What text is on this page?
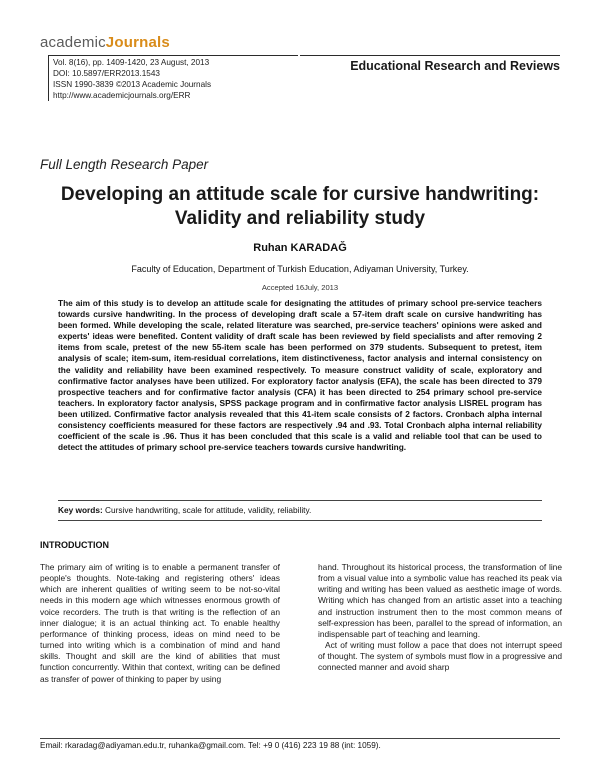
academicJournals
Vol. 8(16), pp. 1409-1420, 23 August, 2013
DOI: 10.5897/ERR2013.1543
ISSN 1990-3839 ©2013 Academic Journals
http://www.academicjournals.org/ERR
Educational Research and Reviews
Full Length Research Paper
Developing an attitude scale for cursive handwriting:
Validity and reliability study
Ruhan KARADAĞ
Faculty of Education, Department of Turkish Education, Adiyaman University, Turkey.
Accepted 16July, 2013
The aim of this study is to develop an attitude scale for designating the attitudes of primary school pre-service teachers towards cursive handwriting. In the process of developing draft scale a 57-item draft scale on cursive handwriting has been formed. While developing the scale, related literature was searched, pre-service teachers' opinions were asked and experts' ideas were benefited. Content validity of draft scale has been reviewed by field specialists and after removing 2 items from scale, pretest of the new 55-item scale has been performed on 379 students. Subsequent to pretest, item analysis of scale; item-sum, item-residual correlations, item distinctiveness, factor analysis and internal consistency on the validity and reliability have been examined respectively. To measure construct validity of scale, exploratory and confirmative factor analyses have been utilized. For exploratory factor analysis (EFA), the scale has been directed to 379 prospective teachers and for confirmative factor analysis (CFA) it has been directed to 254 primary school pre-service teachers. In exploratory factor analysis, SPSS package program and in confirmative factor analysis LISREL program has been utilized. Confirmative factor analysis revealed that this 41-item scale consists of 2 factors. Cronbach alpha internal consistency coefficients measured for these factors are respectively .94 and .93. Total Cronbach alpha internal reliability coefficient of the scale is .96. Thus it has been concluded that this scale is a valid and reliable tool that can be used to detect the attitudes of primary school pre-service teachers towards cursive handwriting.
Key words: Cursive handwriting, scale for attitude, validity, reliability.
INTRODUCTION

The primary aim of writing is to enable a permanent transfer of people's thoughts. Note-taking and registering others' ideas which are inherent qualities of writing seem to be not-so-vital needs in this modern age which witnesses enormous growth of voice recorders. The truth is that writing is the reflection of an inner dialogue; it is an actual thinking act. To enable healthy performance of thinking process, ideas on mind need to be turned into writing which is a combination of mind and hand skills. Thought and skill are the kind of abilities that must function concurrently. Within that context, writing can be defined as transfer of power of thinking to paper by using

hand. Throughout its historical process, the transformation of line from a visual value into a symbolic value has reached its peak via writing and writing has been valued as aesthetic image of words. Writing which has changed from an artistic asset into a teaching and instruction instrument then to the most common means of self-expression has been, parallel to the spread of information, an indispensable part of teaching and learning.

Act of writing must follow a pace that does not interrupt speed of thought. The system of symbols must flow in a progressive and connected manner and avoid sharp

Email: rkaradag@adiyaman.edu.tr, ruhanka@gmail.com. Tel: +9 0 (416) 223 19 88 (int: 1059).
